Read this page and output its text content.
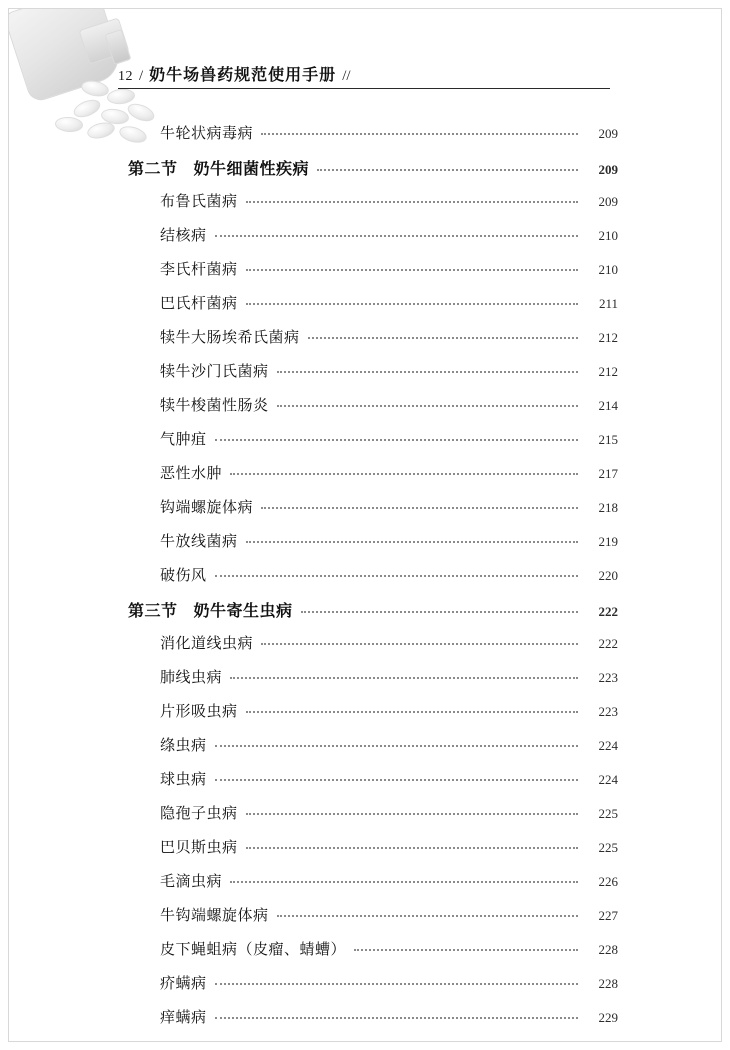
12 / 奶牛场兽药规范使用手册 //
牛轮状病毒病	209
第二节 奶牛细菌性疾病	209
布鲁氏菌病	209
结核病	210
李氏杆菌病	210
巴氏杆菌病	211
犊牛大肠埃希氏菌病	212
犊牛沙门氏菌病	212
犊牛梭菌性肠炎	214
气肿疽	215
恶性水肿	217
钩端螺旋体病	218
牛放线菌病	219
破伤风	220
第三节 奶牛寄生虫病	222
消化道线虫病	222
肺线虫病	223
片形吸虫病	223
绦虫病	224
球虫病	224
隐孢子虫病	225
巴贝斯虫病	225
毛滴虫病	226
牛钩端螺旋体病	227
皮下蝇蛆病（皮瘤、蜻螬）	228
疥螨病	228
痒螨病	229
